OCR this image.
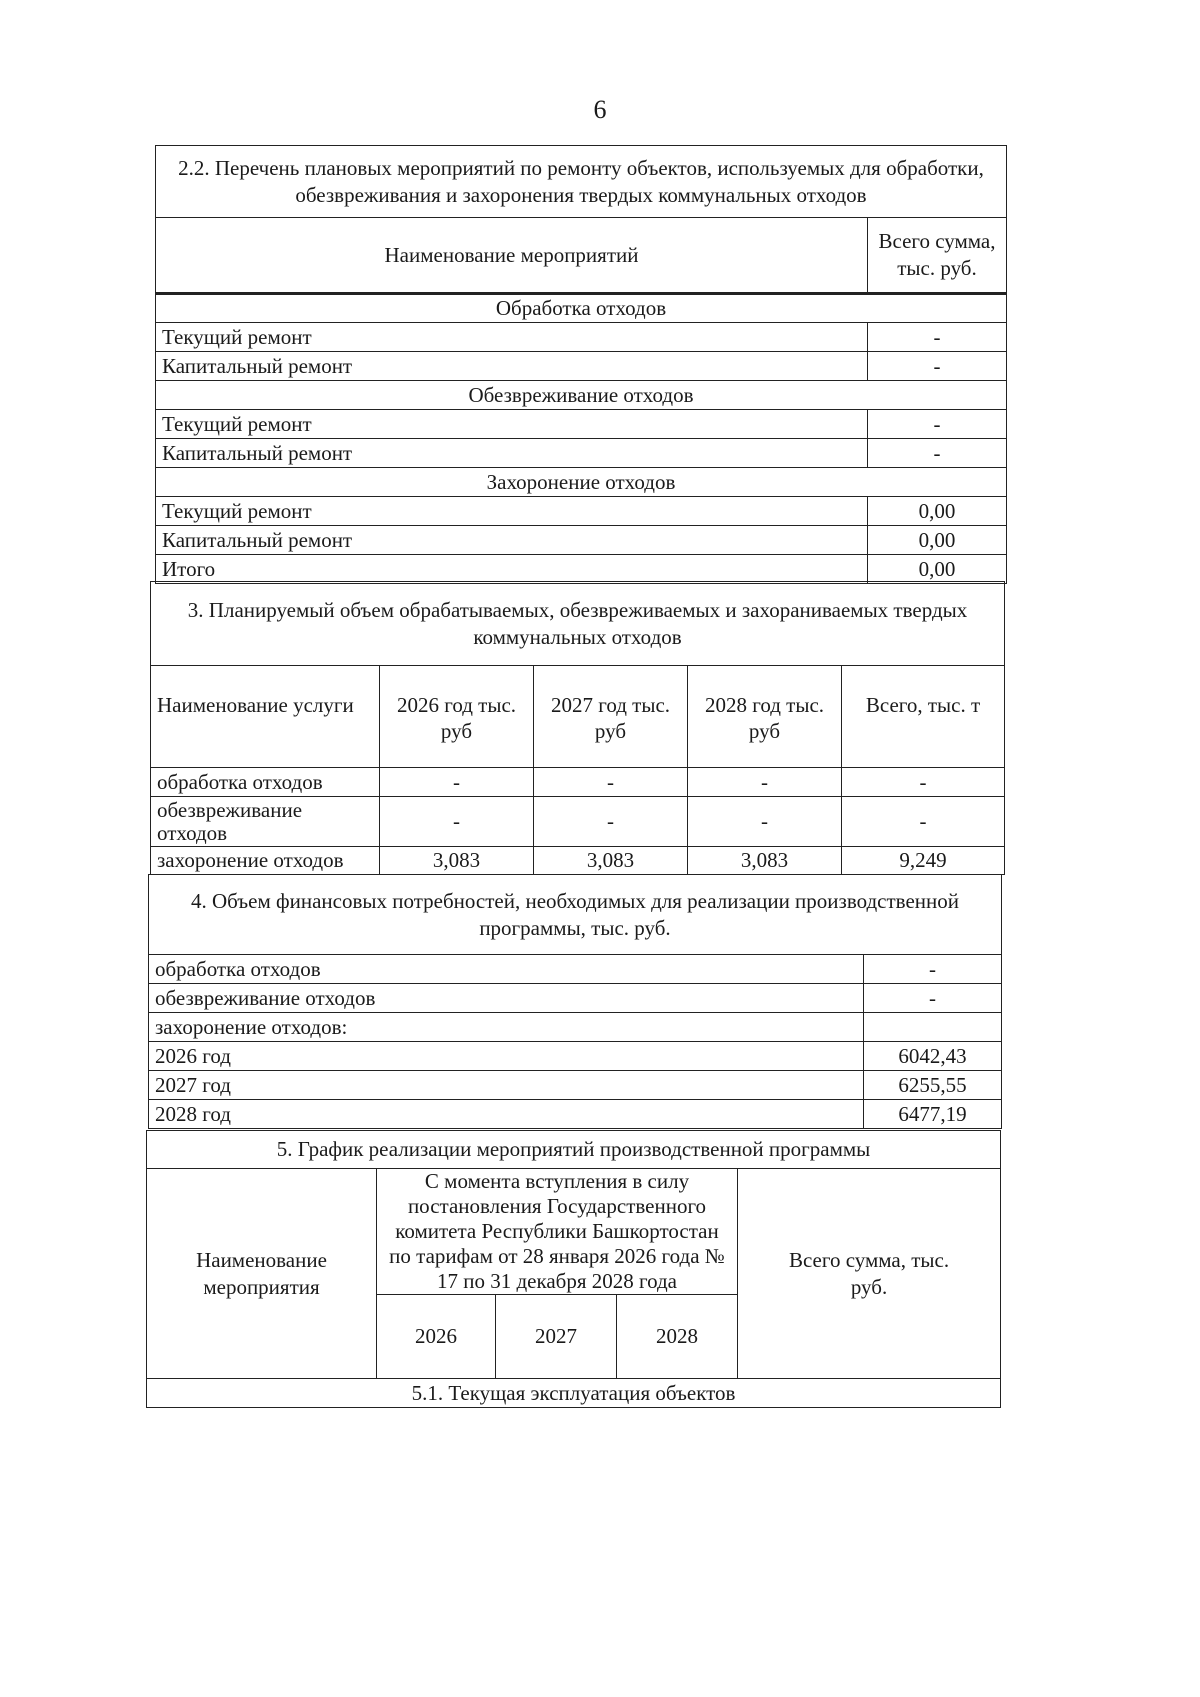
6
2.2. Перечень плановых мероприятий по ремонту объектов, используемых для обработки, обезвреживания и захоронения твердых коммунальных отходов	
Наименование мероприятий	Всего сумма, тыс. руб.
Обработка отходов	
Текущий ремонт	-
Капитальный ремонт	-
Обезвреживание отходов	
Текущий ремонт	-
Капитальный ремонт	-
Захоронение отходов	
Текущий ремонт	0,00
Капитальный ремонт	0,00
Итого	0,00
3. Планируемый объем обрабатываемых, обезвреживаемых и захораниваемых твердых коммунальных отходов				
Наименование услуги	2026 год тыс. руб	2027 год тыс. руб	2028 год тыс. руб	Всего, тыс. т
обработка отходов	-	-	-	-
обезвреживание отходов	-	-	-	-
захоронение отходов	3,083	3,083	3,083	9,249
4. Объем финансовых потребностей, необходимых для реализации производственной программы, тыс. руб.	
обработка отходов	-
обезвреживание отходов	-
захоронение отходов:	
2026 год	6042,43
2027 год	6255,55
2028 год	6477,19
5. График реализации мероприятий производственной программы				
Наименование мероприятия	С момента вступления в силу постановления Государственного комитета Республики Башкортостан по тарифам от 28 января 2026 года № 17 по 31 декабря 2028 года			Всего сумма, тыс. руб.
	2026	2027	2028	
5.1. Текущая эксплуатация объектов				
